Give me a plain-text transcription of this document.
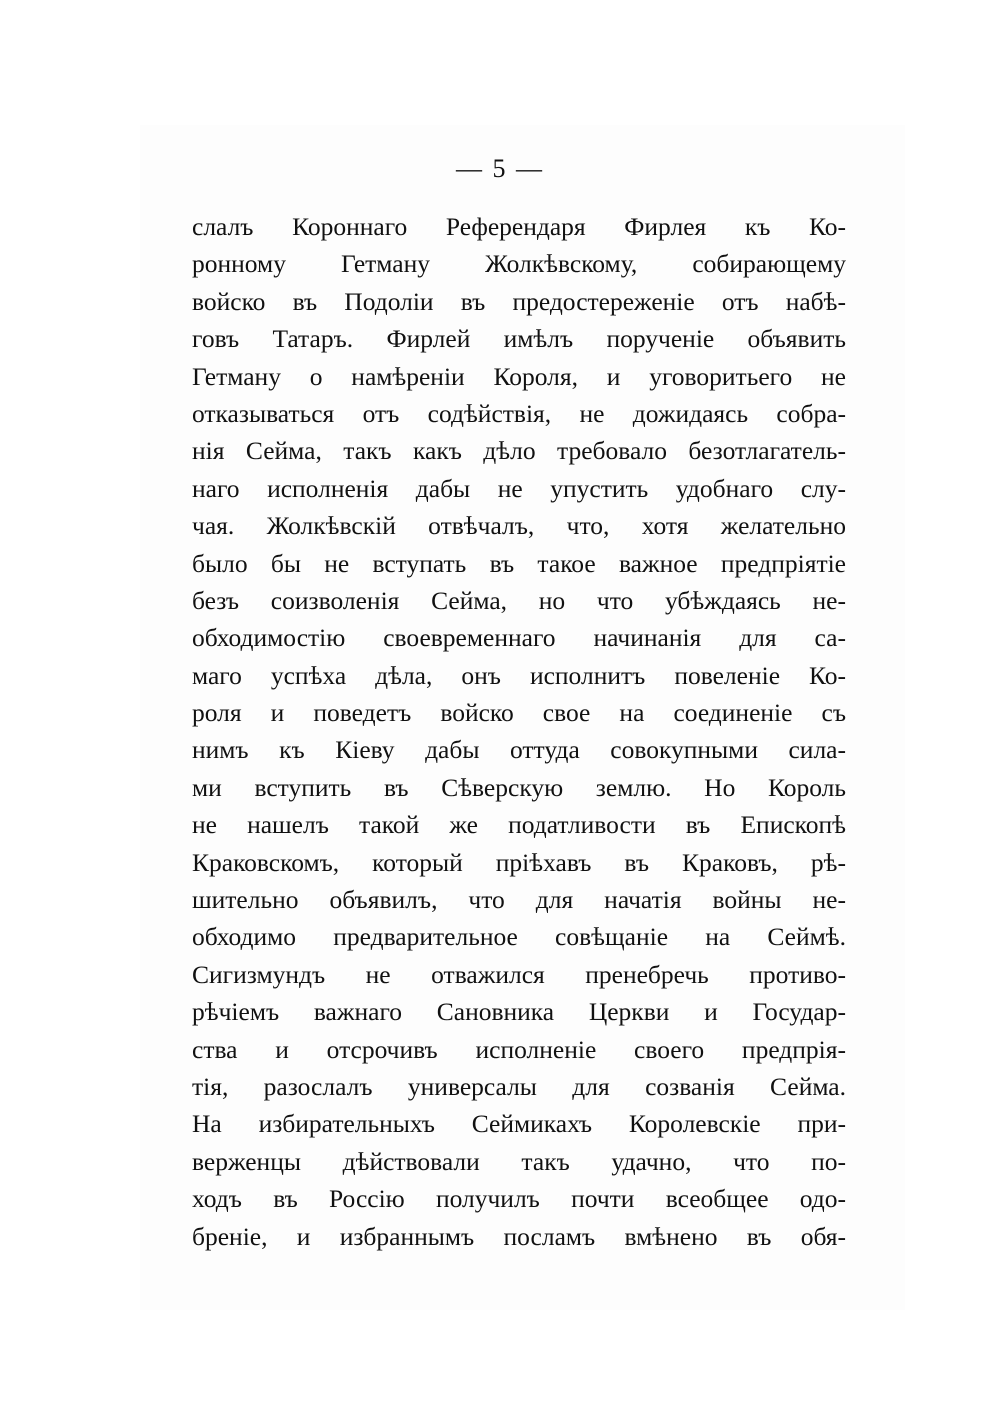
— 5 —
слалъ Короннаго Референдаря Фирлея къ Ко-
ронному Гетману Жолкѣвскому, собирающему
войско въ Подоліи въ предостереженіе отъ набѣ-
говъ Татаръ. Фирлей имѣлъ порученіе объявить
Гетману о намѣреніи Короля, и уговоритьего не
отказываться отъ содѣйствія, не дожидаясь собра-
нія Сейма, такъ какъ дѣло требовало безотлагатель-
наго исполненія дабы не упустить удобнаго слу-
чая. Жолкѣвскій отвѣчалъ, что, хотя желательно
было бы не вступать въ такое важное предпріятіе
безъ соизволенія Сейма, но что убѣждаясь не-
обходимостію своевременнаго начинанія для са-
маго успѣха дѣла, онъ исполнитъ повеленіе Ко-
роля и поведетъ войско свое на соединеніе съ
нимъ къ Кіеву дабы оттуда совокупными сила-
ми вступить въ Сѣверскую землю. Но Король
не нашелъ такой же податливости въ Епископѣ
Краковскомъ, который пріѣхавъ въ Краковъ, рѣ-
шительно объявилъ, что для начатія войны не-
обходимо предварительное совѣщаніе на Сеймѣ.
Сигизмундъ не отважился пренебречь противо-
рѣчіемъ важнаго Сановника Церкви и Государ-
ства и отсрочивъ исполненіе своего предпрія-
тія, разослалъ универсалы для созванія Сейма.
На избирательныхъ Сеймикахъ Королевскіе при-
верженцы дѣйствовали такъ удачно, что по-
ходъ въ Россію получилъ почти всеобщее одо-
бреніе, и избраннымъ посламъ вмѣнено въ обя-
